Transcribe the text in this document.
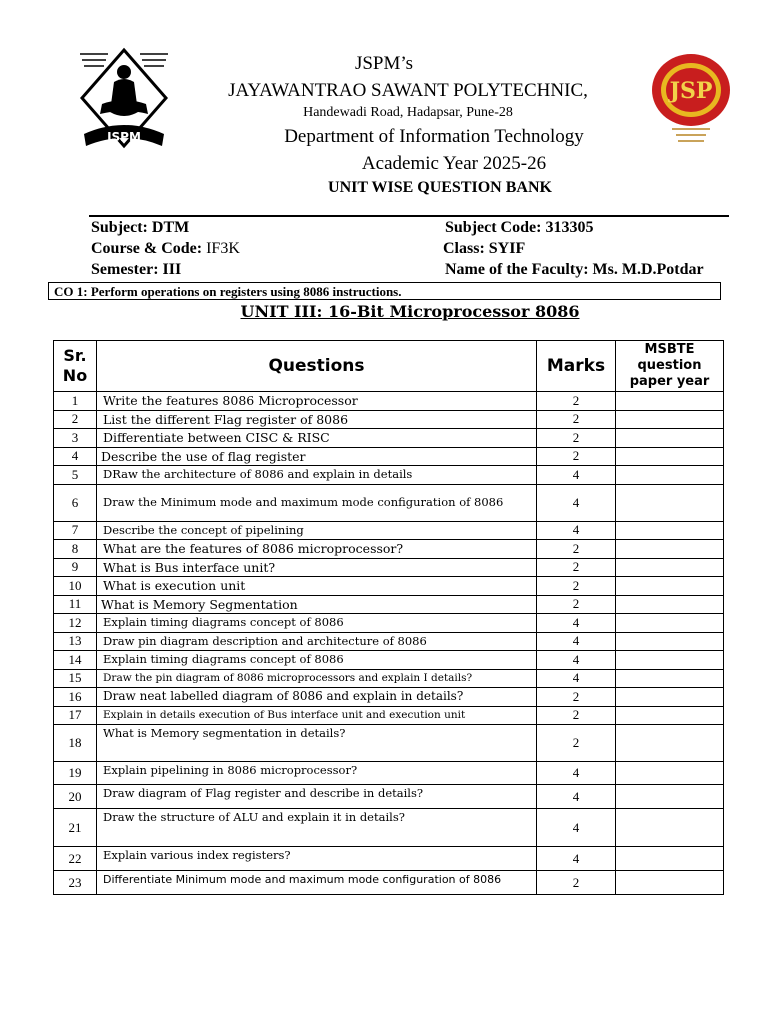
JSPM
JSPM’s
JAYAWANTRAO SAWANT POLYTECHNIC,
Handewadi Road, Hadapsar, Pune-28
Department of Information Technology
Academic Year 2025-26
UNIT WISE QUESTION BANK
JSP
Subject: DTM	Subject Code: 313305
Course & Code: IF3K	Class: SYIF
Semester: III	Name of the Faculty: Ms. M.D.Potdar
CO 1: Perform operations on registers using 8086 instructions.
UNIT III: 16-Bit Microprocessor 8086
Sr. No	Questions	Marks	MSBTE question paper year
1	Write the features 8086 Microprocessor	2	
2	List the different Flag register of 8086	2	
3	Differentiate between CISC & RISC	2	
4	Describe the use of flag register	2	
5	DRaw the architecture of 8086 and explain in details	4	
6	Draw the Minimum mode and maximum mode configuration of 8086	4	
7	Describe the concept of pipelining	4	
8	What are the features of 8086 microprocessor?	2	
9	What is Bus interface unit?	2	
10	What is execution unit	2	
11	What is Memory Segmentation	2	
12	Explain timing diagrams concept of 8086	4	
13	Draw pin diagram description and architecture of 8086	4	
14	Explain timing diagrams concept of 8086	4	
15	Draw the pin diagram of 8086 microprocessors and explain I details?	4	
16	Draw neat labelled diagram of 8086 and explain in details?	2	
17	Explain in details execution of Bus interface unit and execution unit	2	
18	What is Memory segmentation in details?	2	
19	Explain pipelining in 8086 microprocessor?	4	
20	Draw diagram of Flag register and describe in details?	4	
21	Draw the structure of ALU and explain it in details?	4	
22	Explain various index registers?	4	
23	Differentiate Minimum mode and maximum mode configuration of 8086	2	
